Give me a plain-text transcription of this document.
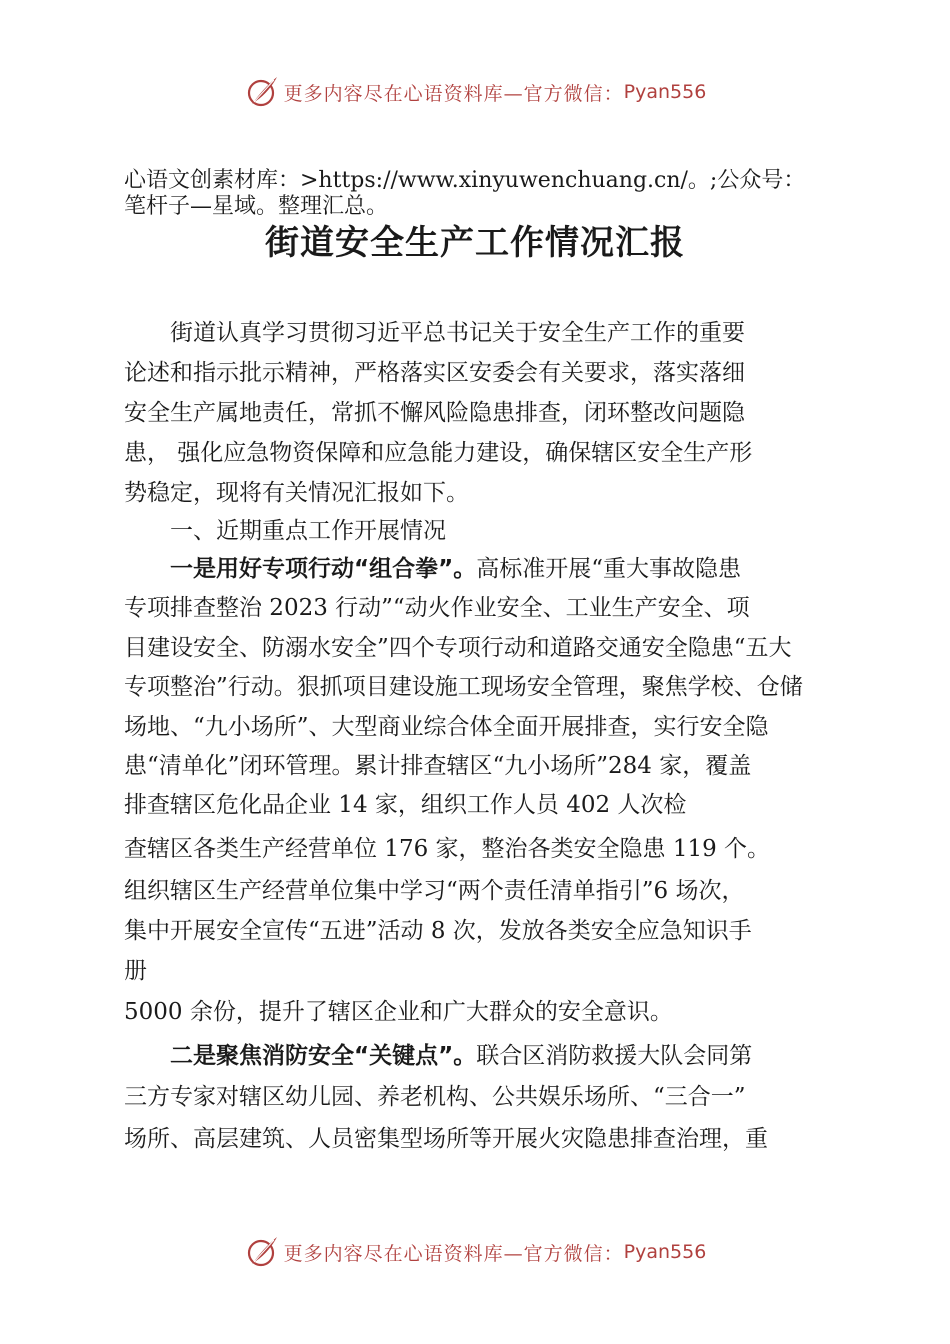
更多内容尽在心语资料库—官方微信： Pyan556
心语文创素材库：>https://www.xinyuwenchuang.cn/。;公众号：
笔杆子—星域。整理汇总。
街道安全生产工作情况汇报
街道认真学习贯彻习近平总书记关于安全生产工作的重要
论述和指示批示精神，严格落实区安委会有关要求，落实落细
安全生产属地责任，常抓不懈风险隐患排查，闭环整改问题隐
患， 强化应急物资保障和应急能力建设，确保辖区安全生产形
势稳定，现将有关情况汇报如下。
一、近期重点工作开展情况
一是用好专项行动“组合拳”。高标准开展“重大事故隐患
专项排查整治 2023 行动”“动火作业安全、工业生产安全、项
目建设安全、防溺水安全”四个专项行动和道路交通安全隐患“五大
专项整治”行动。狠抓项目建设施工现场安全管理，聚焦学校、仓储
场地、“九小场所”、大型商业综合体全面开展排查，实行安全隐
患“清单化”闭环管理。累计排查辖区“九小场所”284 家，覆盖
排查辖区危化品企业 14 家，组织工作人员 402 人次检
查辖区各类生产经营单位 176 家，整治各类安全隐患 119 个。
组织辖区生产经营单位集中学习“两个责任清单指引”6 场次，
集中开展安全宣传“五进”活动 8 次，发放各类安全应急知识手
册
5000 余份，提升了辖区企业和广大群众的安全意识。
二是聚焦消防安全“关键点”。联合区消防救援大队会同第
三方专家对辖区幼儿园、养老机构、公共娱乐场所、“三合一”
场所、高层建筑、人员密集型场所等开展火灾隐患排查治理，重
更多内容尽在心语资料库—官方微信： Pyan556
